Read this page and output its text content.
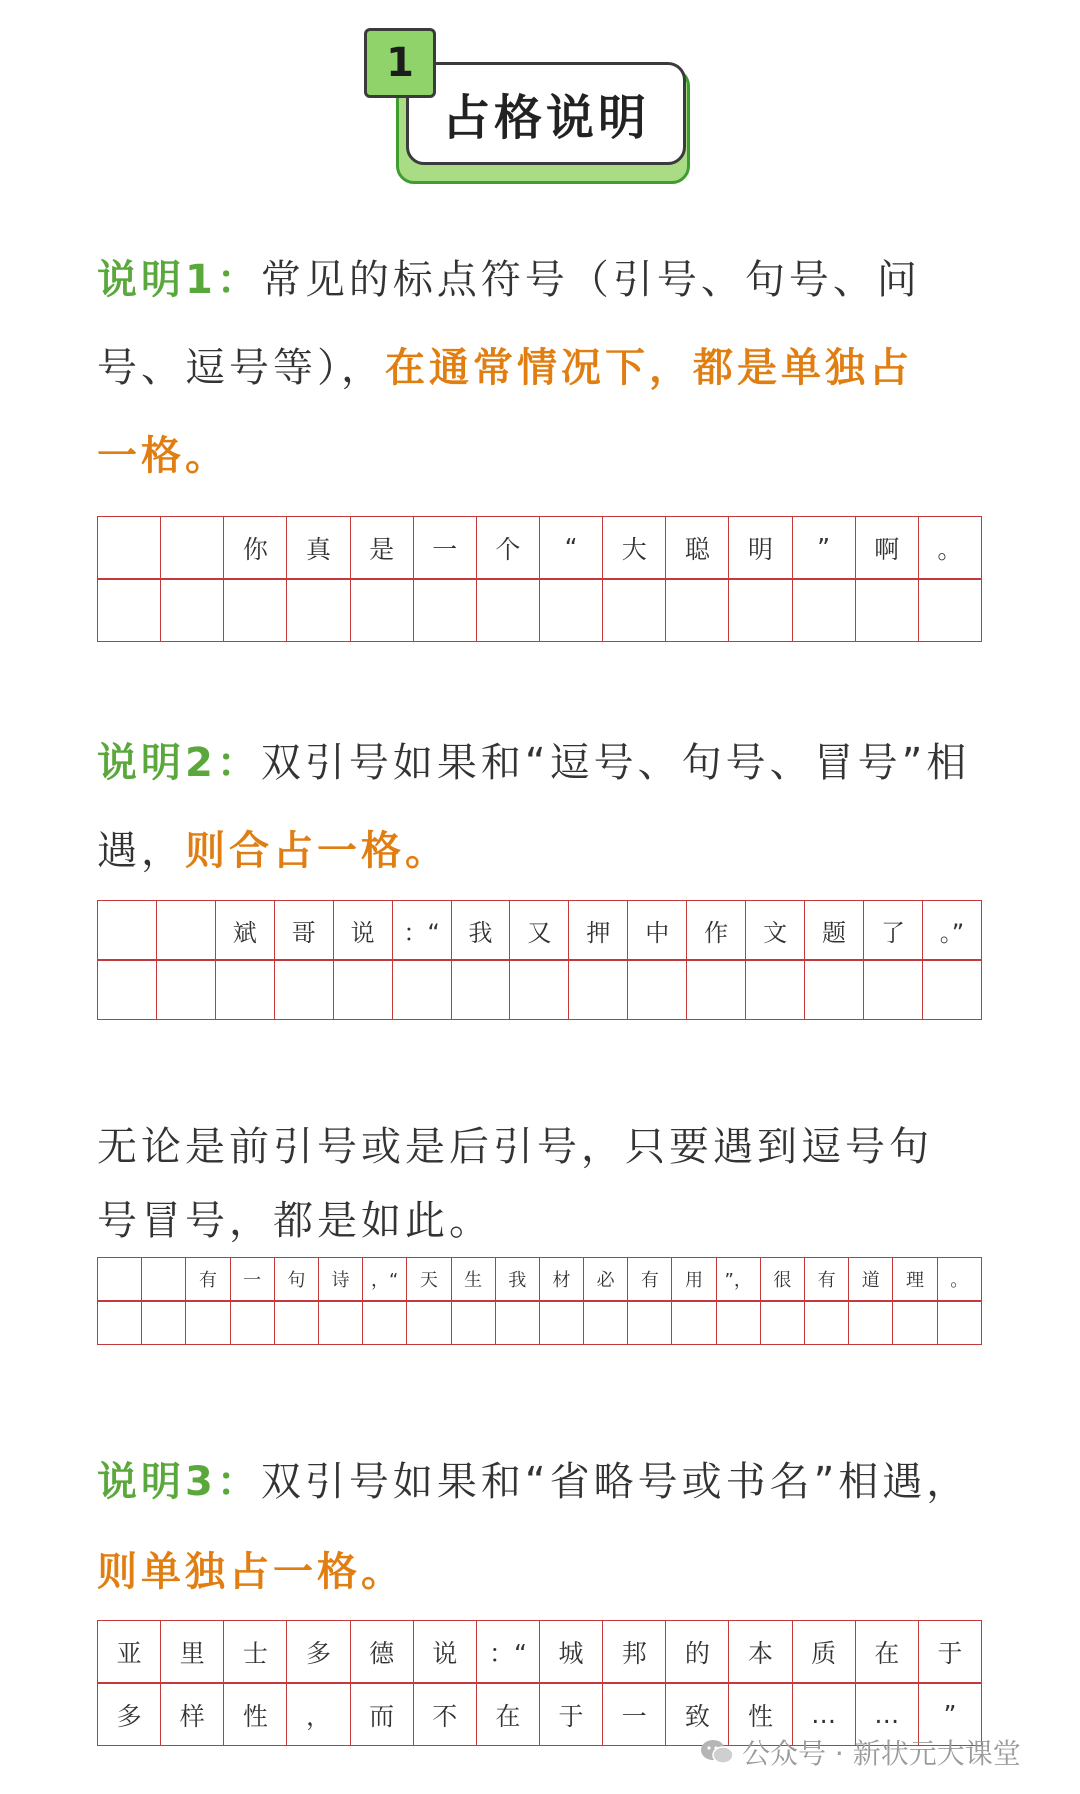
占格说明
1
说明1：常见的标点符号（引号、句号、问
号、逗号等），在通常情况下，都是单独占
一格。
		你	真	是	一	个	“	大	聪	明	”	啊	。

说明2：双引号如果和“逗号、句号、冒号”相
遇，则合占一格。
		斌	哥	说	：“	我	又	押	中	作	文	题	了	。”

无论是前引号或是后引号，只要遇到逗号句
号冒号，都是如此。
		有	一	句	诗	，“	天	生	我	材	必	有	用	”，	很	有	道	理	。

说明3：双引号如果和“省略号或书名”相遇，
则单独占一格。
亚	里	士	多	德	说	：“	城	邦	的	本	质	在	于
多	样	性	，	而	不	在	于	一	致	性	…	…	”
公众号 · 新状元大课堂
